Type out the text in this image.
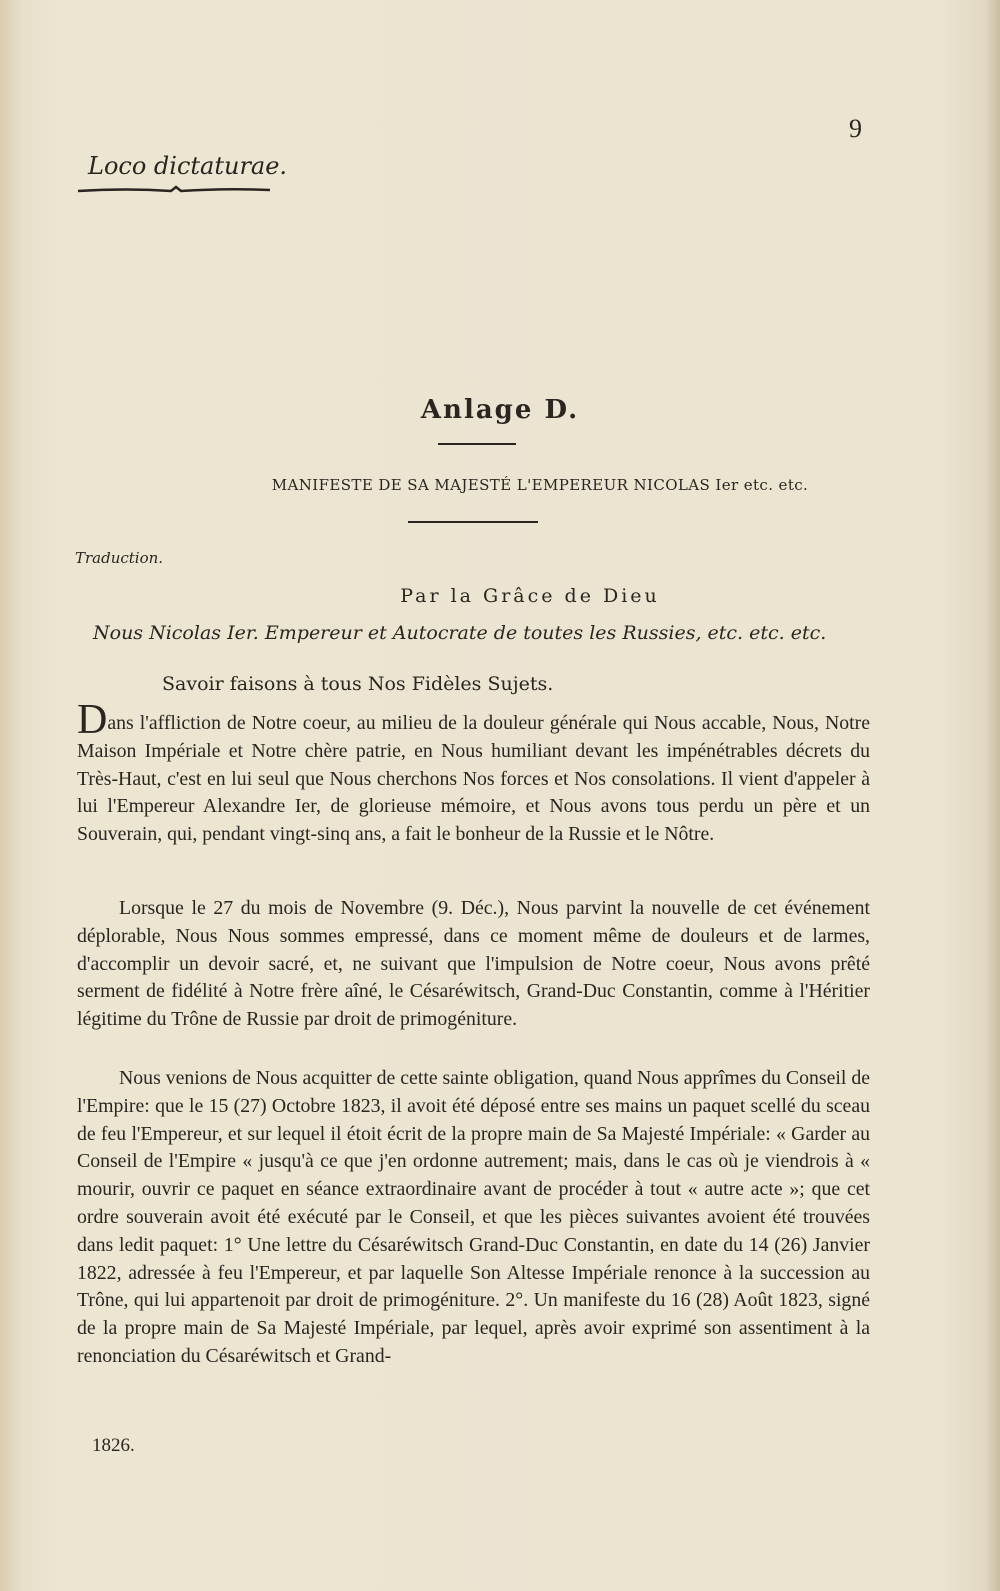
9
Loco dictaturae.
Anlage D.
MANIFESTE DE SA MAJESTÉ L'EMPEREUR NICOLAS Ier etc. etc.
Traduction.
Par la Grâce de Dieu
Nous Nicolas Ier. Empereur et Autocrate de toutes les Russies, etc. etc. etc.
Savoir faisons à tous Nos Fidèles Sujets.

Dans l'affliction de Notre coeur, au milieu de la douleur générale qui Nous accable, Nous, Notre Maison Impériale et Notre chère patrie, en Nous humiliant devant les impénétrables décrets du Très-Haut, c'est en lui seul que Nous cherchons Nos forces et Nos consolations. Il vient d'appeler à lui l'Empereur Alexandre Ier, de glorieuse mémoire, et Nous avons tous perdu un père et un Souverain, qui, pendant vingt-sinq ans, a fait le bonheur de la Russie et le Nôtre.

Lorsque le 27 du mois de Novembre (9. Déc.), Nous parvint la nouvelle de cet événement déplorable, Nous Nous sommes empressé, dans ce moment même de douleurs et de larmes, d'accomplir un devoir sacré, et, ne suivant que l'impulsion de Notre coeur, Nous avons prêté serment de fidélité à Notre frère aîné, le Césaréwitsch, Grand-Duc Constantin, comme à l'Héritier légitime du Trône de Russie par droit de primogéniture.

Nous venions de Nous acquitter de cette sainte obligation, quand Nous apprîmes du Conseil de l'Empire: que le 15 (27) Octobre 1823, il avoit été déposé entre ses mains un paquet scellé du sceau de feu l'Empereur, et sur lequel il étoit écrit de la propre main de Sa Majesté Impériale: « Garder au Conseil de l'Empire « jusqu'à ce que j'en ordonne autrement; mais, dans le cas où je viendrois à « mourir, ouvrir ce paquet en séance extraordinaire avant de procéder à tout « autre acte »; que cet ordre souverain avoit été exécuté par le Conseil, et que les pièces suivantes avoient été trouvées dans ledit paquet: 1° Une lettre du Césaréwitsch Grand-Duc Constantin, en date du 14 (26) Janvier 1822, adressée à feu l'Empereur, et par laquelle Son Altesse Impériale renonce à la succession au Trône, qui lui appartenoit par droit de primogéniture. 2°. Un manifeste du 16 (28) Août 1823, signé de la propre main de Sa Majesté Impériale, par lequel, après avoir exprimé son assentiment à la renonciation du Césaréwitsch et Grand-

1826.
